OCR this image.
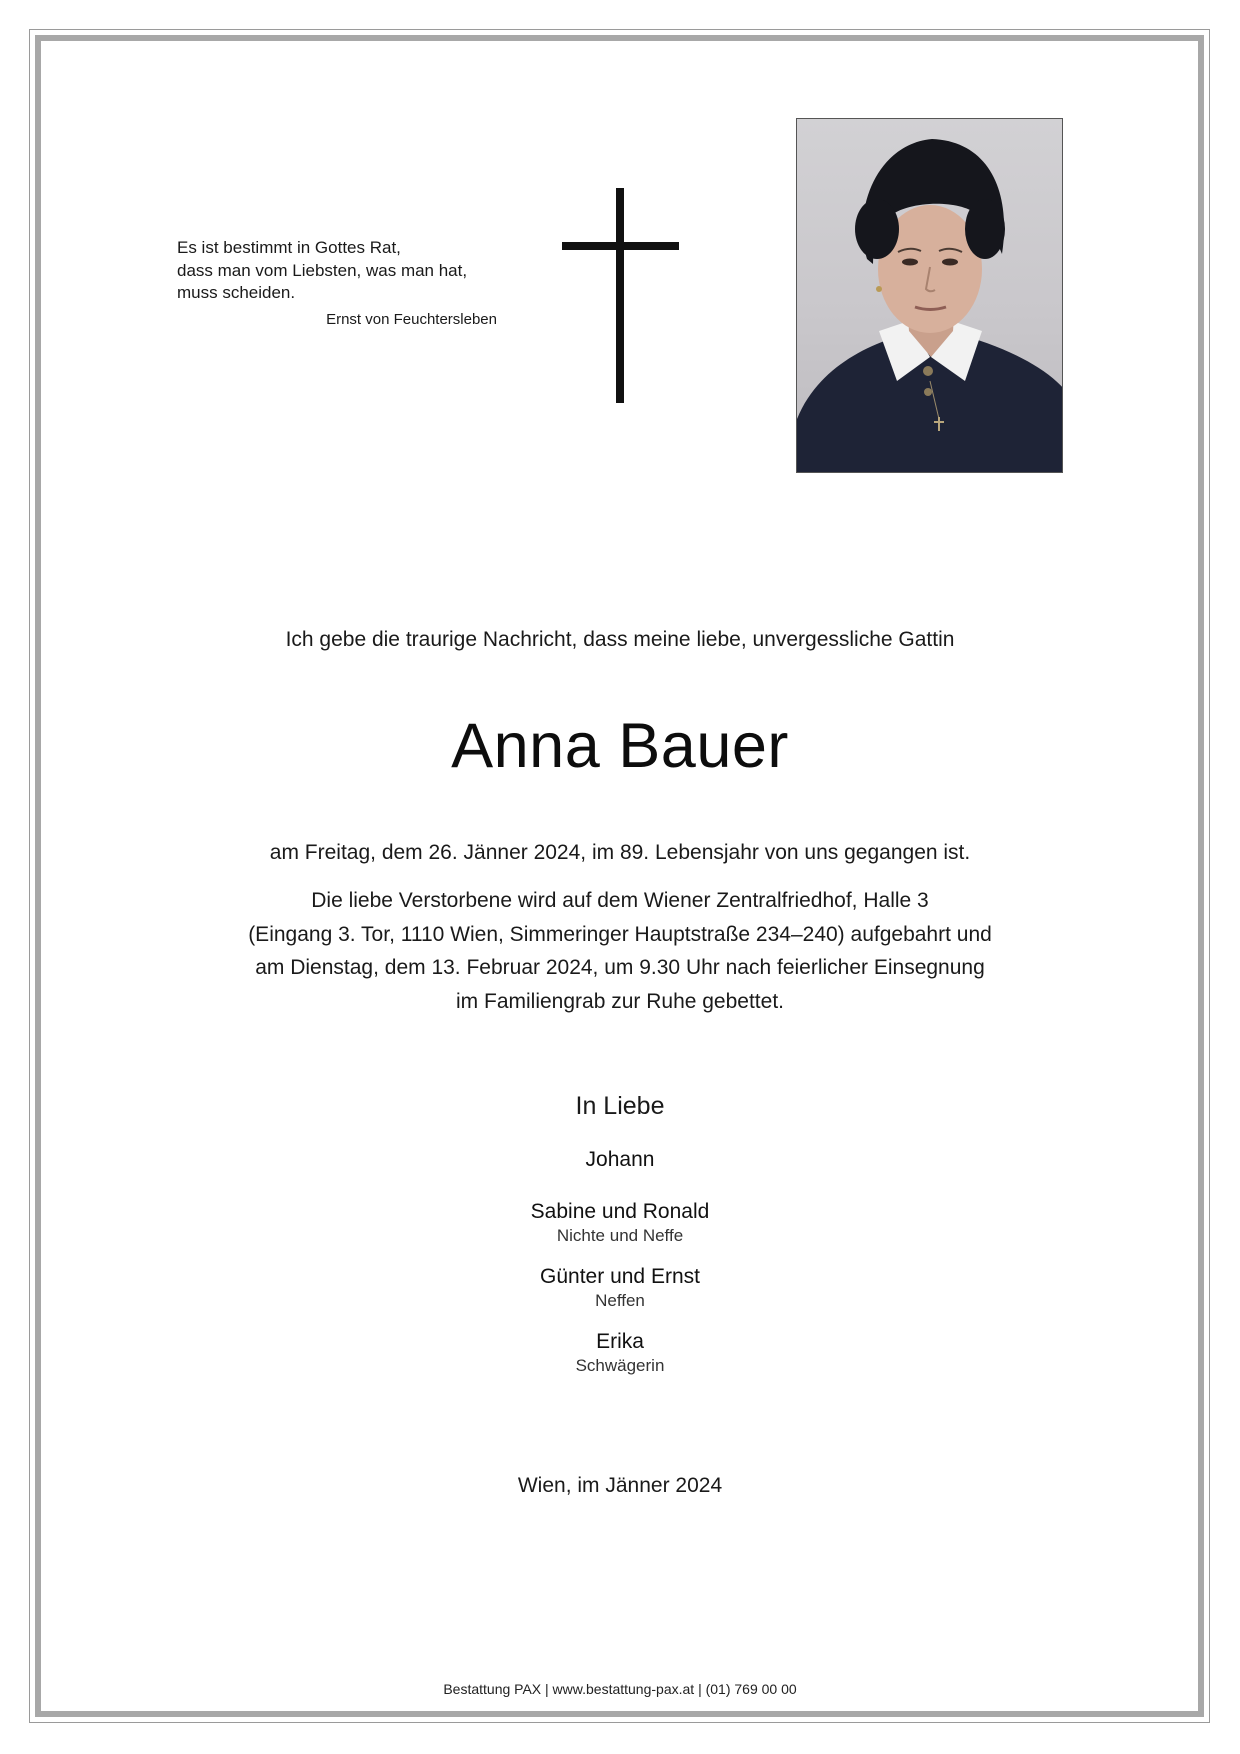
Es ist bestimmt in Gottes Rat,
dass man vom Liebsten, was man hat,
muss scheiden.
Ernst von Feuchtersleben
Ich gebe die traurige Nachricht, dass meine liebe, unvergessliche Gattin
Anna Bauer
am Freitag, dem 26. Jänner 2024, im 89. Lebensjahr von uns gegangen ist.
Die liebe Verstorbene wird auf dem Wiener Zentralfriedhof, Halle 3
(Eingang 3. Tor, 1110 Wien, Simmeringer Hauptstraße 234–240) aufgebahrt und
am Dienstag, dem 13. Februar 2024, um 9.30 Uhr nach feierlicher Einsegnung
im Familiengrab zur Ruhe gebettet.
In Liebe
Johann
Sabine und Ronald
Nichte und Neffe
Günter und Ernst
Neffen
Erika
Schwägerin
Wien, im Jänner 2024
Bestattung PAX | www.bestattung-pax.at | (01) 769 00 00
